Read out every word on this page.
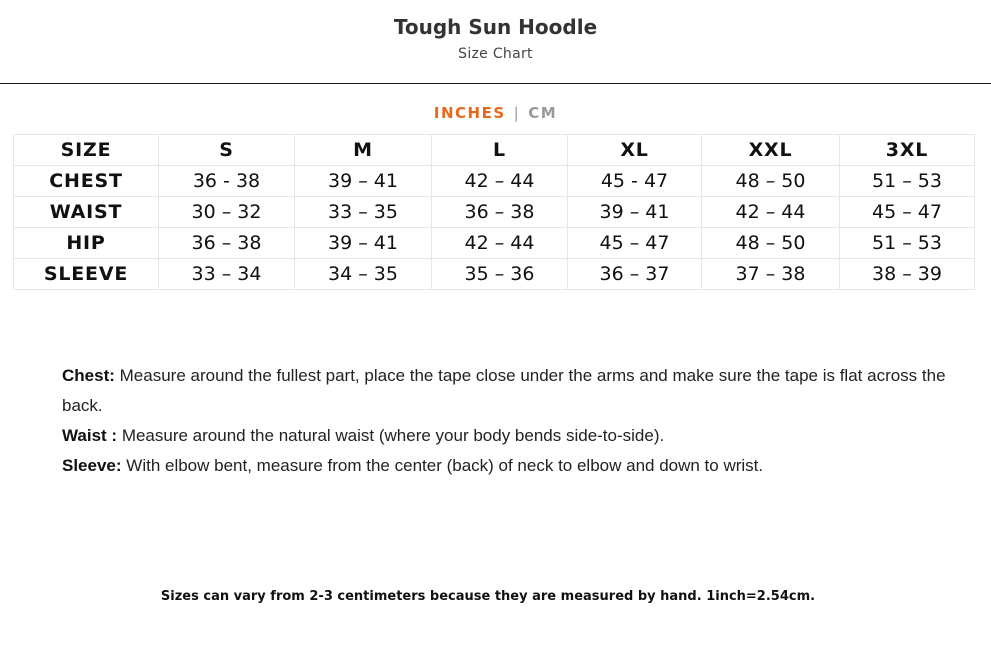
Tough Sun Hoodle
Size Chart
INCHES | CM
SIZE	S	M	L	XL	XXL	3XL
CHEST	36 - 38	39 – 41	42 – 44	45 - 47	48 – 50	51 – 53
WAIST	30 – 32	33 – 35	36 – 38	39 – 41	42 – 44	45 – 47
HIP	36 – 38	39 – 41	42 – 44	45 – 47	48 – 50	51 – 53
SLEEVE	33 – 34	34 – 35	35 – 36	36 – 37	37 – 38	38 – 39

Chest: Measure around the fullest part, place the tape close under the arms and make sure the tape is flat across the back.

Waist : Measure around the natural waist (where your body bends side-to-side).

Sleeve: With elbow bent, measure from the center (back) of neck to elbow and down to wrist.

Sizes can vary from 2-3 centimeters because they are measured by hand. 1inch=2.54cm.
